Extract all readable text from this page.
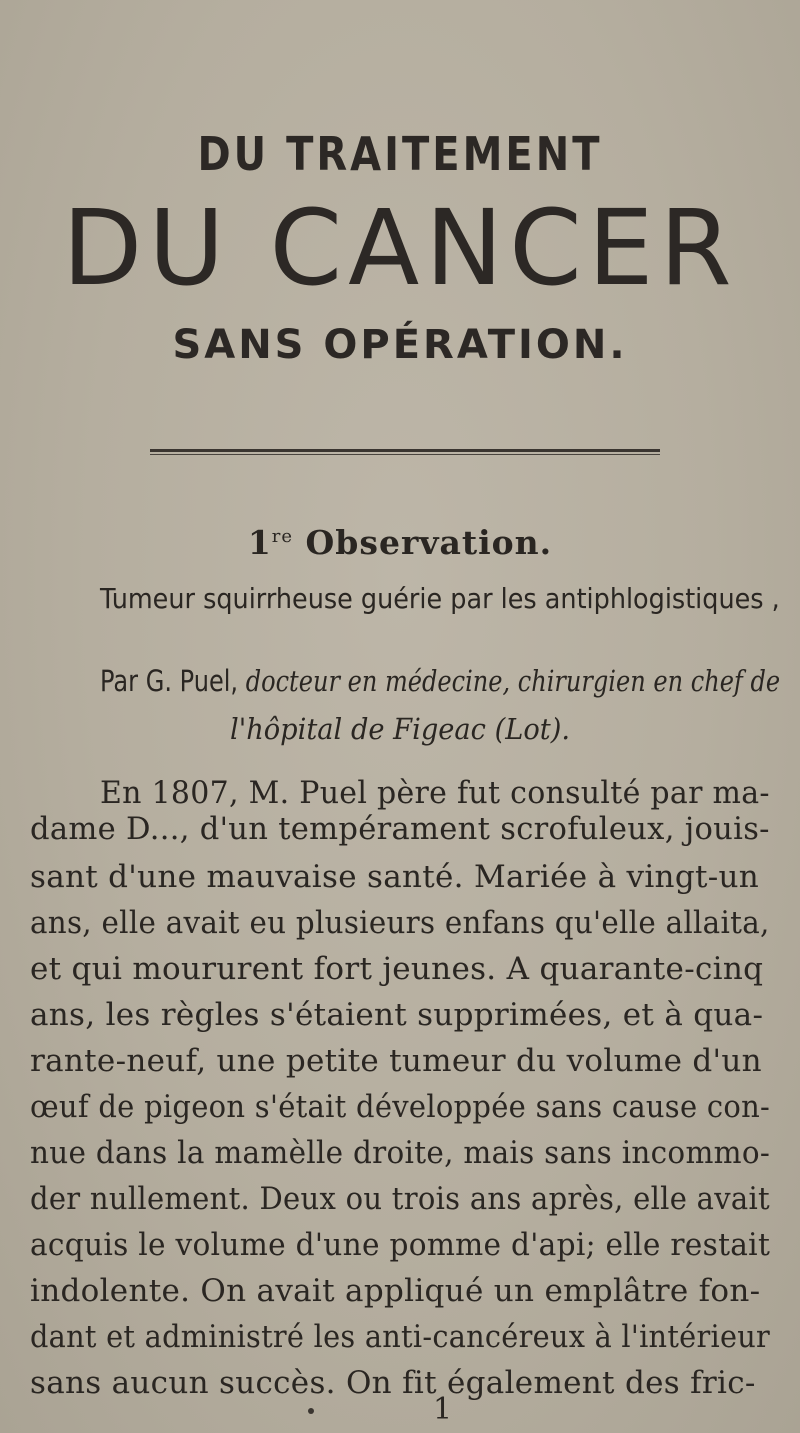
DU TRAITEMENT
DU CANCER
SANS OPÉRATION.
1re Observation.
Tumeur squirrheuse guérie par les antiphlogistiques ,
Par G. Puel, docteur en médecine, chirurgien en chef de
l'hôpital de Figeac (Lot).
En 1807, M. Puel père fut consulté par ma-
dame D..., d'un tempérament scrofuleux, jouis-
sant d'une mauvaise santé. Mariée à vingt-un
ans, elle avait eu plusieurs enfans qu'elle allaita,
et qui moururent fort jeunes. A quarante-cinq
ans, les règles s'étaient supprimées, et à qua-
rante-neuf, une petite tumeur du volume d'un
œuf de pigeon s'était développée sans cause con-
nue dans la mamèlle droite, mais sans incommo-
der nullement. Deux ou trois ans après, elle avait
acquis le volume d'une pomme d'api; elle restait
indolente. On avait appliqué un emplâtre fon-
dant et administré les anti-cancéreux à l'intérieur
sans aucun succès. On fit également des fric-
1
